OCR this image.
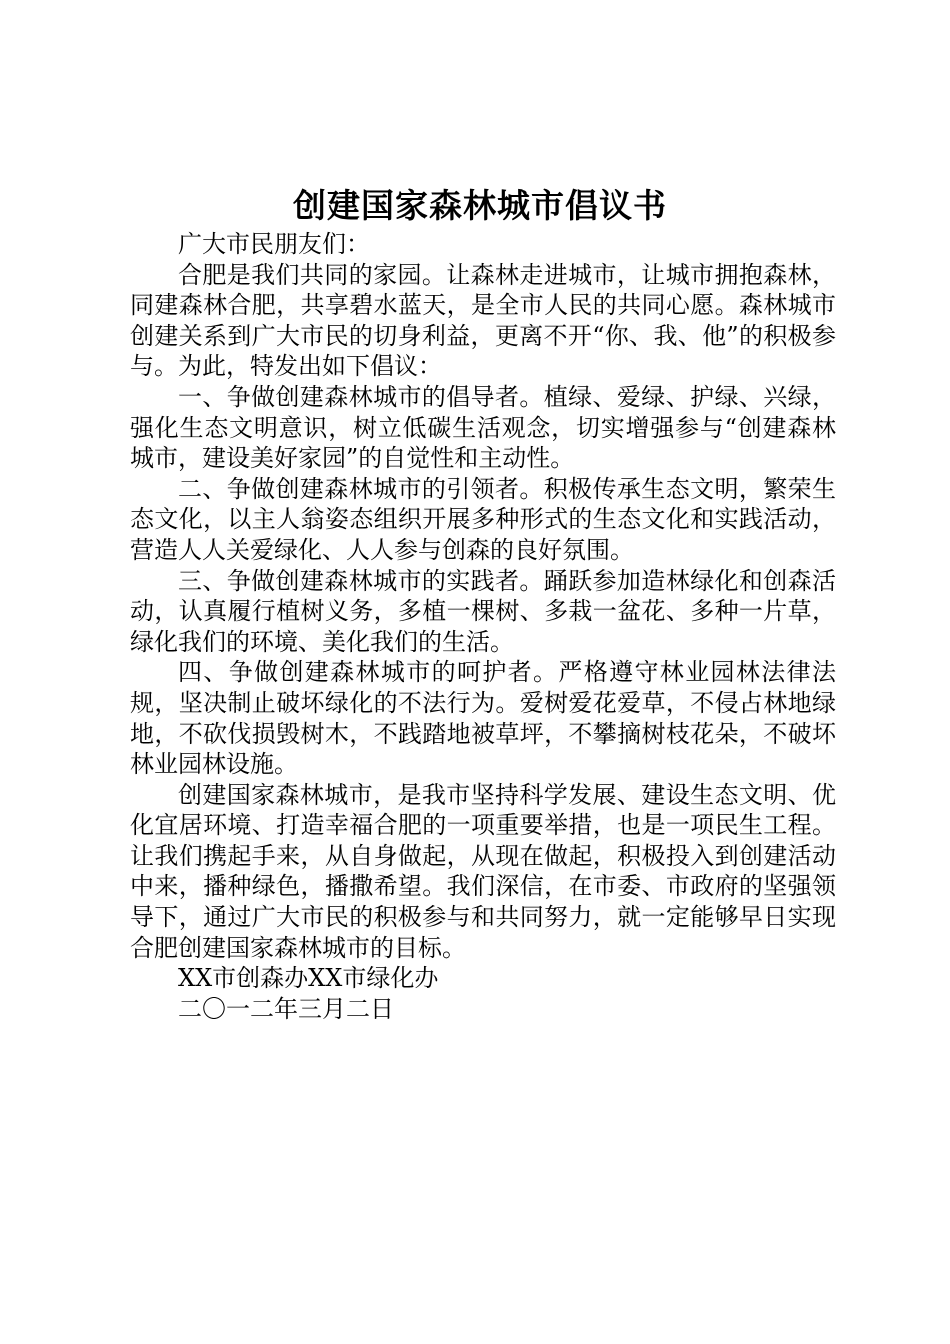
创建国家森林城市倡议书

广大市民朋友们：

合肥是我们共同的家园。让森林走进城市，让城市拥抱森林，同建森林合肥，共享碧水蓝天，是全市人民的共同心愿。森林城市创建关系到广大市民的切身利益，更离不开“你、我、他”的积极参与。为此，特发出如下倡议：

一、争做创建森林城市的倡导者。植绿、爱绿、护绿、兴绿，强化生态文明意识，树立低碳生活观念，切实增强参与“创建森林城市，建设美好家园”的自觉性和主动性。

二、争做创建森林城市的引领者。积极传承生态文明，繁荣生态文化，以主人翁姿态组织开展多种形式的生态文化和实践活动，营造人人关爱绿化、人人参与创森的良好氛围。

三、争做创建森林城市的实践者。踊跃参加造林绿化和创森活动，认真履行植树义务，多植一棵树、多栽一盆花、多种一片草，绿化我们的环境、美化我们的生活。

四、争做创建森林城市的呵护者。严格遵守林业园林法律法规，坚决制止破坏绿化的不法行为。爱树爱花爱草，不侵占林地绿地，不砍伐损毁树木，不践踏地被草坪，不攀摘树枝花朵，不破坏林业园林设施。

创建国家森林城市，是我市坚持科学发展、建设生态文明、优化宜居环境、打造幸福合肥的一项重要举措，也是一项民生工程。让我们携起手来，从自身做起，从现在做起，积极投入到创建活动中来，播种绿色，播撒希望。我们深信，在市委、市政府的坚强领导下，通过广大市民的积极参与和共同努力，就一定能够早日实现合肥创建国家森林城市的目标。

XX市创森办XX市绿化办

二〇一二年三月二日
